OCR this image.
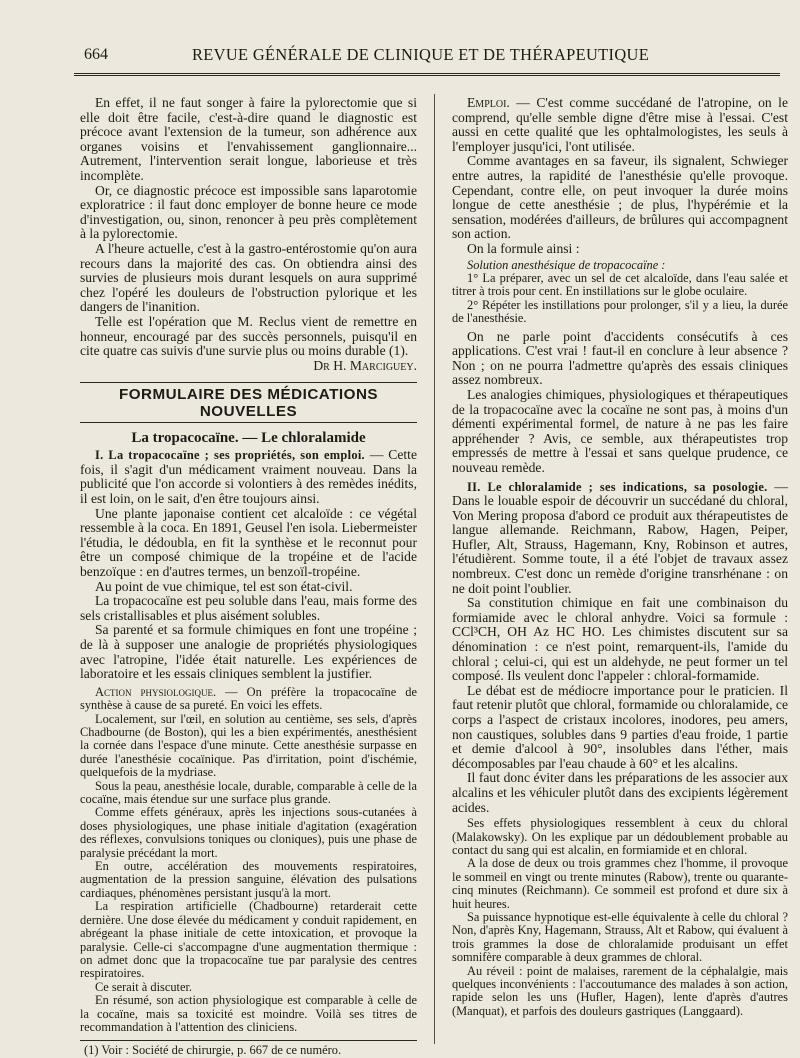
664	REVUE GÉNÉRALE DE CLINIQUE ET DE THÉRAPEUTIQUE

En effet, il ne faut songer à faire la pylorectomie que si elle doit être facile, c'est-à-dire quand le diagnostic est précoce avant l'extension de la tumeur, son adhérence aux organes voisins et l'envahissement ganglionnaire... Autrement, l'intervention serait longue, laborieuse et très incomplète.

Or, ce diagnostic précoce est impossible sans laparotomie exploratrice : il faut donc employer de bonne heure ce mode d'investigation, ou, sinon, renoncer à peu près complètement à la pylorectomie.

A l'heure actuelle, c'est à la gastro-entérostomie qu'on aura recours dans la majorité des cas. On obtiendra ainsi des survies de plusieurs mois durant lesquels on aura supprimé chez l'opéré les douleurs de l'obstruction pylorique et les dangers de l'inanition.

Telle est l'opération que M. Reclus vient de remettre en honneur, encouragé par des succès personnels, puisqu'il en cite quatre cas suivis d'une survie plus ou moins durable (1).
Dr H. Marciguey.

FORMULAIRE DES MÉDICATIONS NOUVELLES

La tropacocaïne. — Le chloralamide

I. La tropacocaïne ; ses propriétés, son emploi. — Cette fois, il s'agit d'un médicament vraiment nouveau. Dans la publicité que l'on accorde si volontiers à des remèdes inédits, il est loin, on le sait, d'en être toujours ainsi.

Une plante japonaise contient cet alcaloïde : ce végétal ressemble à la coca. En 1891, Geusel l'en isola. Liebermeister l'étudia, le dédoubla, en fit la synthèse et le reconnut pour être un composé chimique de la tropéine et de l'acide benzoïque : en d'autres termes, un benzoïl-tropéine.

Au point de vue chimique, tel est son état-civil.

La tropacocaïne est peu soluble dans l'eau, mais forme des sels cristallisables et plus aisément solubles.

Sa parenté et sa formule chimiques en font une tropéine ; de là à supposer une analogie de propriétés physiologiques avec l'atropine, l'idée était naturelle. Les expériences de laboratoire et les essais cliniques semblent la justifier.

Action physiologique. — On préfère la tropacocaïne de synthèse à cause de sa pureté. En voici les effets.

Localement, sur l'œil, en solution au centième, ses sels, d'après Chadbourne (de Boston), qui les a bien expérimentés, anesthésient la cornée dans l'espace d'une minute. Cette anesthésie surpasse en durée l'anesthésie cocaïnique. Pas d'irritation, point d'ischémie, quelquefois de la mydriase.

Sous la peau, anesthésie locale, durable, comparable à celle de la cocaïne, mais étendue sur une surface plus grande.

Comme effets généraux, après les injections sous-cutanées à doses physiologiques, une phase initiale d'agitation (exagération des réflexes, convulsions toniques ou cloniques), puis une phase de paralysie précédant la mort.

En outre, accélération des mouvements respiratoires, augmentation de la pression sanguine, élévation des pulsations cardiaques, phénomènes persistant jusqu'à la mort.

La respiration artificielle (Chadbourne) retarderait cette dernière. Une dose élevée du médicament y conduit rapidement, en abrégeant la phase initiale de cette intoxication, et provoque la paralysie. Celle-ci s'accompagne d'une augmentation thermique : on admet donc que la tropacocaïne tue par paralysie des centres respiratoires.

Ce serait à discuter.

En résumé, son action physiologique est comparable à celle de la cocaïne, mais sa toxicité est moindre. Voilà ses titres de recommandation à l'attention des cliniciens.

(1) Voir : Société de chirurgie, p. 667 de ce numéro.

Emploi. — C'est comme succédané de l'atropine, on le comprend, qu'elle semble digne d'être mise à l'essai. C'est aussi en cette qualité que les ophtalmologistes, les seuls à l'employer jusqu'ici, l'ont utilisée.

Comme avantages en sa faveur, ils signalent, Schwieger entre autres, la rapidité de l'anesthésie qu'elle provoque. Cependant, contre elle, on peut invoquer la durée moins longue de cette anesthésie ; de plus, l'hypérémie et la sensation, modérées d'ailleurs, de brûlures qui accompagnent son action.

On la formule ainsi :

Solution anesthésique de tropacocaïne :

1° La préparer, avec un sel de cet alcaloïde, dans l'eau salée et titrer à trois pour cent. En instillations sur le globe oculaire.

2° Répéter les instillations pour prolonger, s'il y a lieu, la durée de l'anesthésie.

On ne parle point d'accidents consécutifs à ces applications. C'est vrai ! faut-il en conclure à leur absence ? Non ; on ne pourra l'admettre qu'après des essais cliniques assez nombreux.

Les analogies chimiques, physiologiques et thérapeutiques de la tropacocaïne avec la cocaïne ne sont pas, à moins d'un démenti expérimental formel, de nature à ne pas les faire appréhender ? Avis, ce semble, aux thérapeutistes trop empressés de mettre à l'essai et sans quelque prudence, ce nouveau remède.

II. Le chloralamide ; ses indications, sa posologie. — Dans le louable espoir de découvrir un succédané du chloral, Von Mering proposa d'abord ce produit aux thérapeutistes de langue allemande. Reichmann, Rabow, Hagen, Peiper, Hufler, Alt, Strauss, Hagemann, Kny, Robinson et autres, l'étudièrent. Somme toute, il a été l'objet de travaux assez nombreux. C'est donc un remède d'origine transrhénane : on ne doit point l'oublier.

Sa constitution chimique en fait une combinaison du formiamide avec le chloral anhydre. Voici sa formule : CCl³CH, OH Az HC HO. Les chimistes discutent sur sa dénomination : ce n'est point, remarquent-ils, l'amide du chloral ; celui-ci, qui est un aldehyde, ne peut former un tel composé. Ils veulent donc l'appeler : chloral-formamide.

Le débat est de médiocre importance pour le praticien. Il faut retenir plutôt que chloral, formamide ou chloralamide, ce corps a l'aspect de cristaux incolores, inodores, peu amers, non caustiques, solubles dans 9 parties d'eau froide, 1 partie et demie d'alcool à 90°, insolubles dans l'éther, mais décomposables par l'eau chaude à 60° et les alcalins.

Il faut donc éviter dans les préparations de les associer aux alcalins et les véhiculer plutôt dans des excipients légèrement acides.

Ses effets physiologiques ressemblent à ceux du chloral (Malakowsky). On les explique par un dédoublement probable au contact du sang qui est alcalin, en formiamide et en chloral.

A la dose de deux ou trois grammes chez l'homme, il provoque le sommeil en vingt ou trente minutes (Rabow), trente ou quarante-cinq minutes (Reichmann). Ce sommeil est profond et dure six à huit heures.

Sa puissance hypnotique est-elle équivalente à celle du chloral ? Non, d'après Kny, Hagemann, Strauss, Alt et Rabow, qui évaluent à trois grammes la dose de chloralamide produisant un effet somnifère comparable à deux grammes de chloral.

Au réveil : point de malaises, rarement de la céphalalgie, mais quelques inconvénients : l'accoutumance des malades à son action, rapide selon les uns (Hufler, Hagen), lente d'après d'autres (Manquat), et parfois des douleurs gastriques (Langgaard).
